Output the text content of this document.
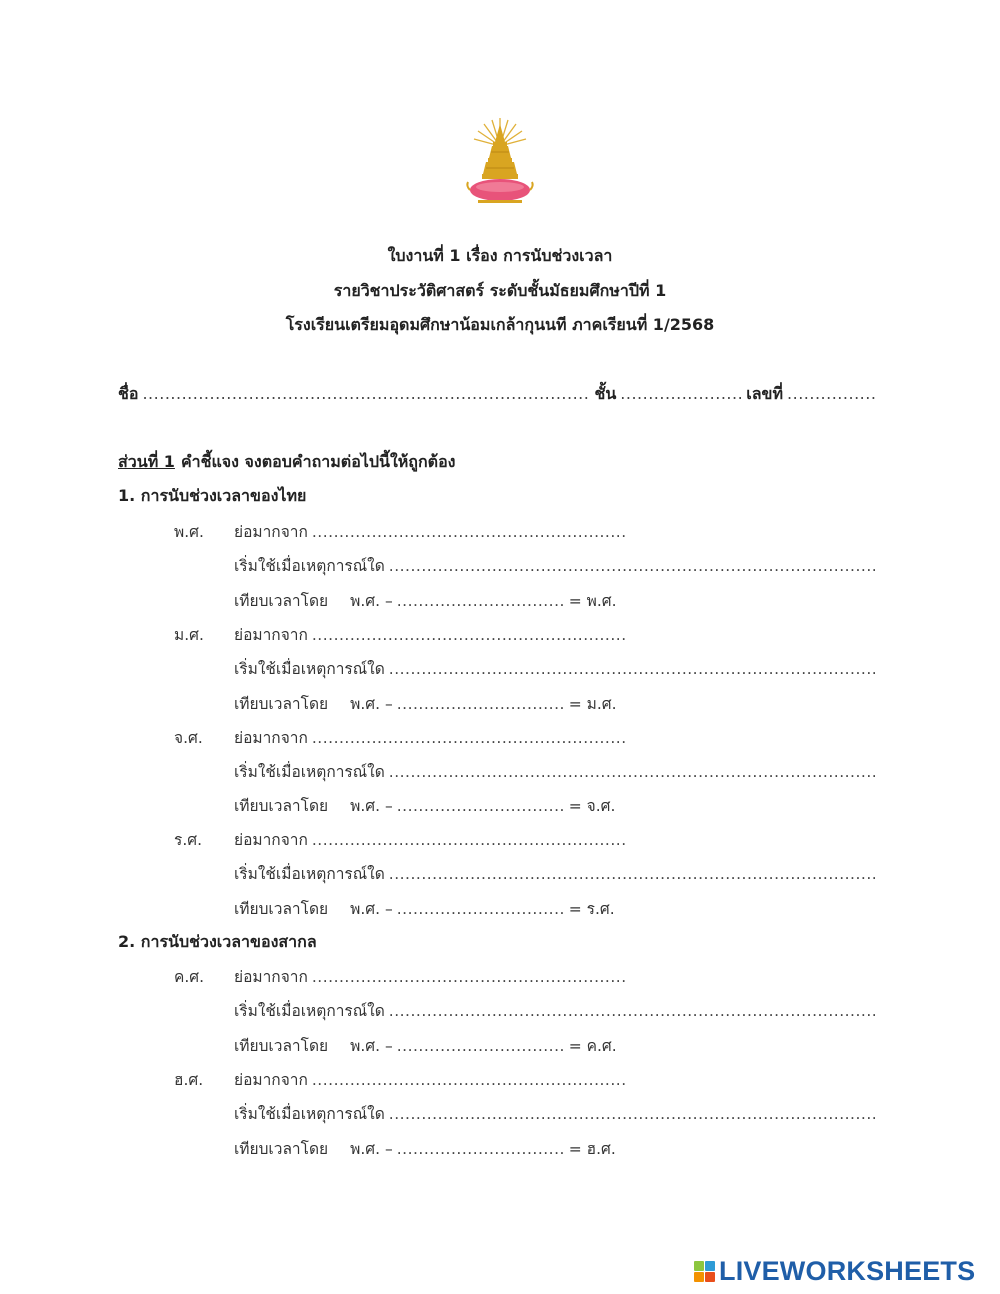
ใบงานที่ 1 เรื่อง การนับช่วงเวลา
รายวิชาประวัติศาสตร์ ระดับชั้นมัธยมศึกษาปีที่ 1
โรงเรียนเตรียมอุดมศึกษาน้อมเกล้ากุนนที ภาคเรียนที่ 1/2568
ชื่อ .....	ชั้น .....	เลขที่
.....
ส่วนที่ 1 คำชี้แจง จงตอบคำถามต่อไปนี้ให้ถูกต้อง
1. การนับช่วงเวลาของไทย
พ.ศ. ย่อมากจาก
.....
เริ่มใช้เมื่อเหตุการณ์ใด
.....
เทียบเวลาโดย พ.ศ. – .....	= พ.ศ.
ม.ศ. ย่อมากจาก
.....
เริ่มใช้เมื่อเหตุการณ์ใด
.....
เทียบเวลาโดย พ.ศ. – .....	= ม.ศ.
จ.ศ. ย่อมากจาก
.....
เริ่มใช้เมื่อเหตุการณ์ใด
.....
เทียบเวลาโดย พ.ศ. – .....	= จ.ศ.
ร.ศ. ย่อมากจาก
.....
เริ่มใช้เมื่อเหตุการณ์ใด
.....
เทียบเวลาโดย พ.ศ. – .....	= ร.ศ.
2. การนับช่วงเวลาของสากล
ค.ศ. ย่อมากจาก
.....
เริ่มใช้เมื่อเหตุการณ์ใด
.....
เทียบเวลาโดย พ.ศ. – .....	= ค.ศ.
ฮ.ศ. ย่อมากจาก
.....
เริ่มใช้เมื่อเหตุการณ์ใด
.....
เทียบเวลาโดย พ.ศ. – .....	= ฮ.ศ.
LIVEWORKSHEETS
